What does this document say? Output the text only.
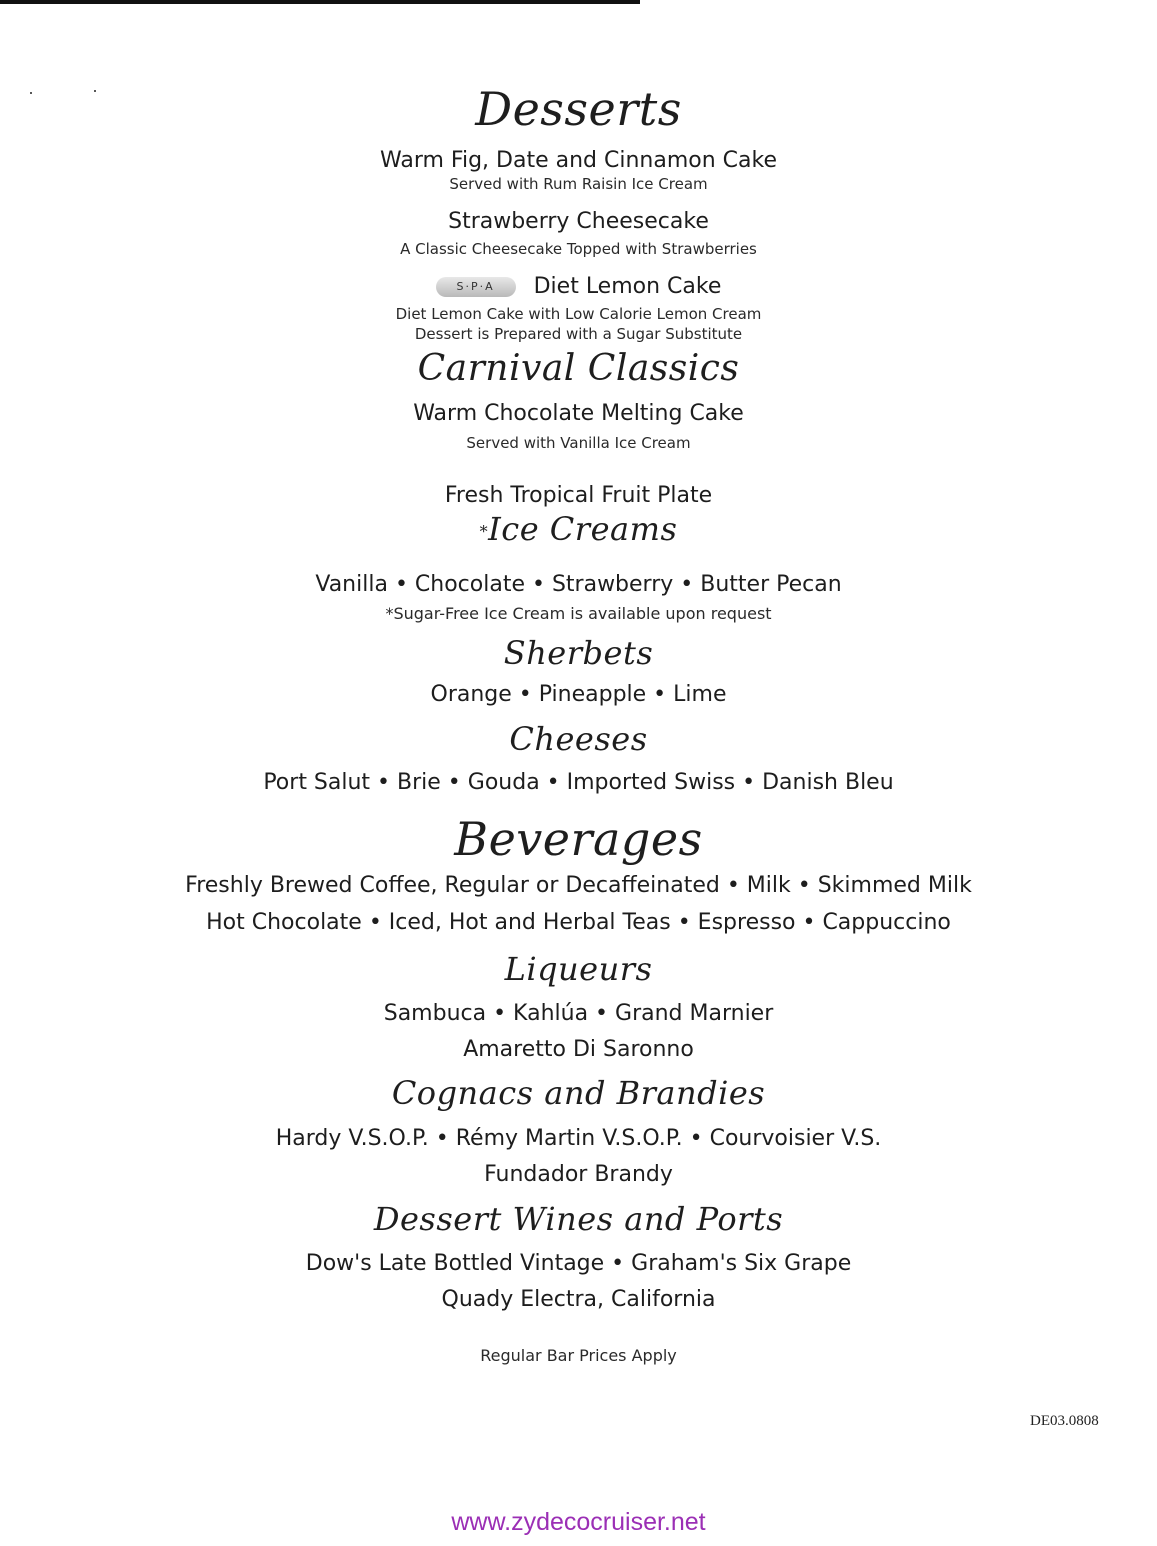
Desserts
Warm Fig, Date and Cinnamon Cake
Served with Rum Raisin Ice Cream
Strawberry Cheesecake
A Classic Cheesecake Topped with Strawberries
S·P·A Diet Lemon Cake
Diet Lemon Cake with Low Calorie Lemon Cream
Dessert is Prepared with a Sugar Substitute
Carnival Classics
Warm Chocolate Melting Cake
Served with Vanilla Ice Cream
Fresh Tropical Fruit Plate
*Ice Creams
Vanilla • Chocolate • Strawberry • Butter Pecan
*Sugar-Free Ice Cream is available upon request
Sherbets
Orange • Pineapple • Lime
Cheeses
Port Salut • Brie • Gouda • Imported Swiss • Danish Bleu
Beverages
Freshly Brewed Coffee, Regular or Decaffeinated • Milk • Skimmed Milk
Hot Chocolate • Iced, Hot and Herbal Teas • Espresso • Cappuccino
Liqueurs
Sambuca • Kahlúa • Grand Marnier
Amaretto Di Saronno
Cognacs and Brandies
Hardy V.S.O.P. • Rémy Martin V.S.O.P. • Courvoisier V.S.
Fundador Brandy
Dessert Wines and Ports
Dow's Late Bottled Vintage • Graham's Six Grape
Quady Electra, California
Regular Bar Prices Apply
DE03.0808
www.zydecocruiser.net
